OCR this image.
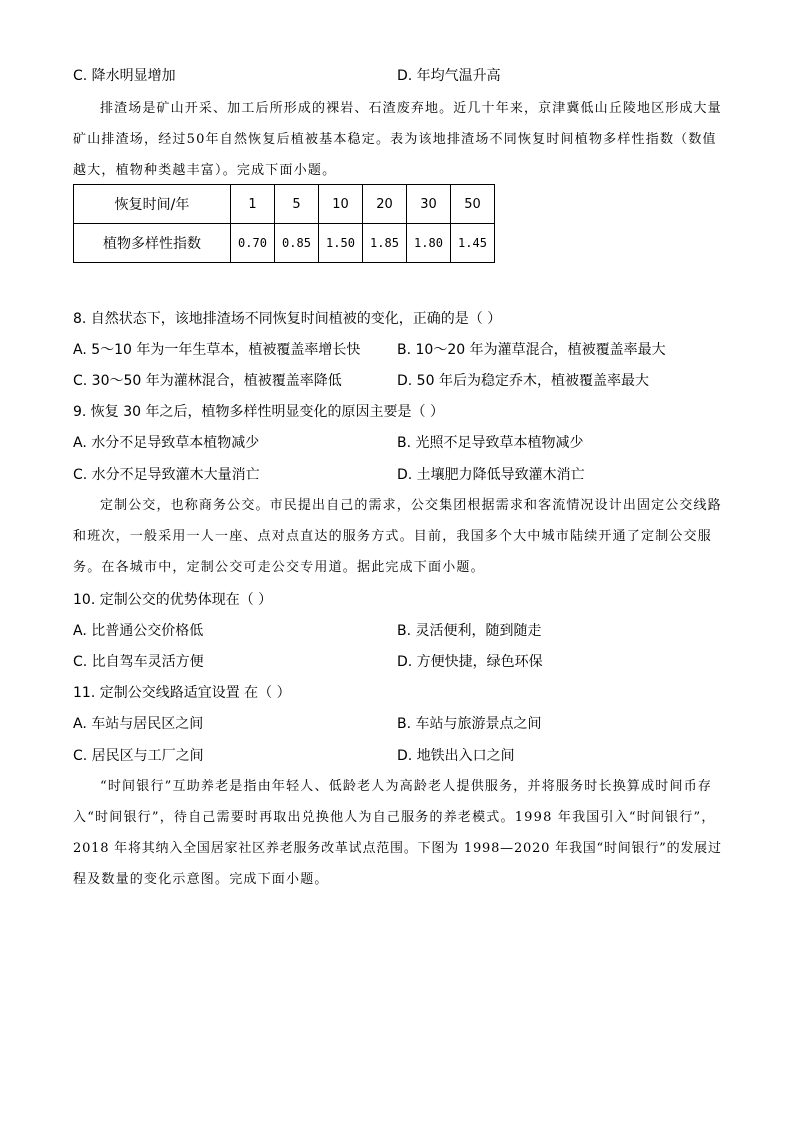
C. 降水明显增加	D. 年均气温升高
排渣场是矿山开采、加工后所形成的裸岩、石渣废弃地。近几十年来，京津冀低山丘陵地区形成大量
矿山排渣场，经过50年自然恢复后植被基本稳定。表为该地排渣场不同恢复时间植物多样性指数（数值
越大，植物种类越丰富）。完成下面小题。
恢复时间/年	1	5	10	20	30	50
植物多样性指数	0.70	0.85	1.50	1.85	1.80	1.45
8. 自然状态下，该地排渣场不同恢复时间植被的变化，正确的是（ ）
A. 5～10 年为一年生草本，植被覆盖率增长快	B. 10～20 年为灌草混合，植被覆盖率最大
C. 30～50 年为灌林混合，植被覆盖率降低	D. 50 年后为稳定乔木，植被覆盖率最大
9. 恢复 30 年之后，植物多样性明显变化的原因主要是（ ）
A. 水分不足导致草本植物减少	B. 光照不足导致草本植物减少
C. 水分不足导致灌木大量消亡	D. 土壤肥力降低导致灌木消亡
定制公交，也称商务公交。市民提出自己的需求，公交集团根据需求和客流情况设计出固定公交线路
和班次，一般采用一人一座、点对点直达的服务方式。目前，我国多个大中城市陆续开通了定制公交服
务。在各城市中，定制公交可走公交专用道。据此完成下面小题。
10. 定制公交的优势体现在（ ）
A. 比普通公交价格低	B. 灵活便利，随到随走
C. 比自驾车灵活方便	D. 方便快捷，绿色环保
11. 定制公交线路适宜设置 在（ ）
A. 车站与居民区之间	B. 车站与旅游景点之间
C. 居民区与工厂之间	D. 地铁出入口之间
“时间银行”互助养老是指由年轻人、低龄老人为高龄老人提供服务，并将服务时长换算成时间币存
入“时间银行”，待自己需要时再取出兑换他人为自己服务的养老模式。1998 年我国引入“时间银行”，
2018 年将其纳入全国居家社区养老服务改革试点范围。下图为 1998—2020 年我国“时间银行”的发展过
程及数量的变化示意图。完成下面小题。
